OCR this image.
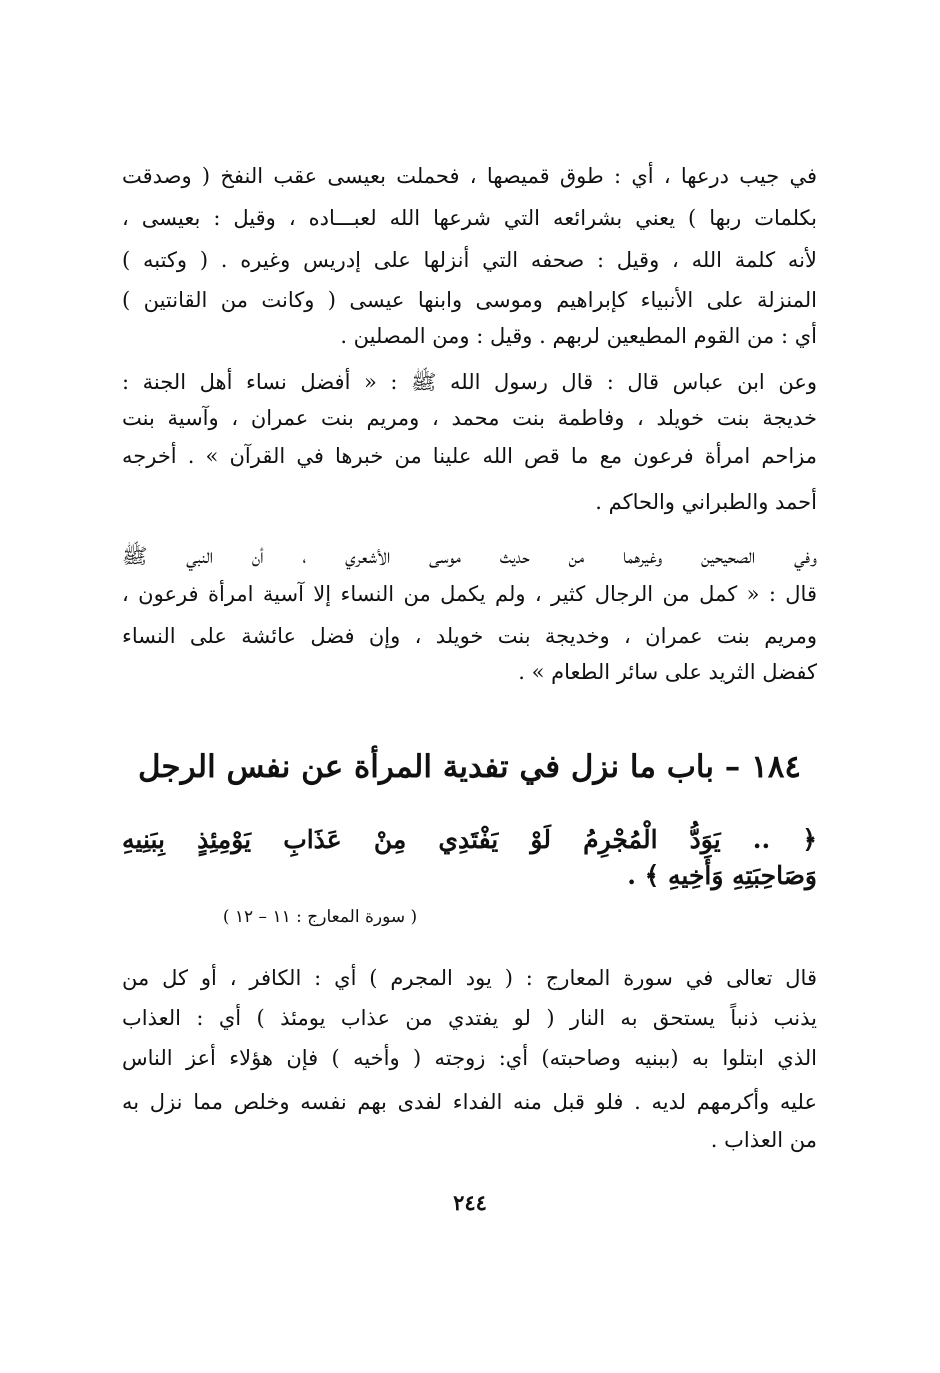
في جيب درعها ، أي : طوق قميصها ، فحملت بعيسى عقب النفخ ( وصدقت
بكلمات ربها ) يعني بشرائعه التي شرعها الله لعبـــاده ، وقيل : بعيسى ،
لأنه كلمة الله ، وقيل : صحفه التي أنزلها على إدريس وغيره . ( وكتبه )
المنزلة على الأنبياء كإبراهيم وموسى وابنها عيسى ( وكانت من القانتين )
أي : من القوم المطيعين لربهم . وقيل : ومن المصلين .
وعن ابن عباس قال : قال رسول الله ﷺ : « أفضل نساء أهل الجنة :
خديجة بنت خويلد ، وفاطمة بنت محمد ، ومريم بنت عمران ، وآسية بنت
مزاحم امرأة فرعون مع ما قص الله علينا من خبرها في القرآن » . أخرجه
أحمد والطبراني والحاكم .
وفي الصحيحين وغيرهما من حديث موسى الأشعري ، أن النبي ﷺ
قال : « كمل من الرجال كثير ، ولم يكمل من النساء إلا آسية امرأة فرعون ،
ومريم بنت عمران ، وخديجة بنت خويلد ، وإن فضل عائشة على النساء
كفضل الثريد على سائر الطعام » .
١٨٤ – باب ما نزل في تفدية المرأة عن نفس الرجل
﴿ .. يَوَدُّ الْمُجْرِمُ لَوْ يَفْتَدِي مِنْ عَذَابِ يَوْمِئِذٍ بِبَنِيهِ
وَصَاحِبَتِهِ وَأَخِيهِ ﴾ .
( سورة المعارج : ١١ – ١٢ )
قال تعالى في سورة المعارج : ( يود المجرم ) أي : الكافر ، أو كل من
يذنب ذنباً يستحق به النار ( لو يفتدي من عذاب يومئذ ) أي : العذاب
الذي ابتلوا به (ببنيه وصاحبته) أي: زوجته ( وأخيه ) فإن هؤلاء أعز الناس
عليه وأكرمهم لديه . فلو قبل منه الفداء لفدى بهم نفسه وخلص مما نزل به
من العذاب .
٢٤٤
